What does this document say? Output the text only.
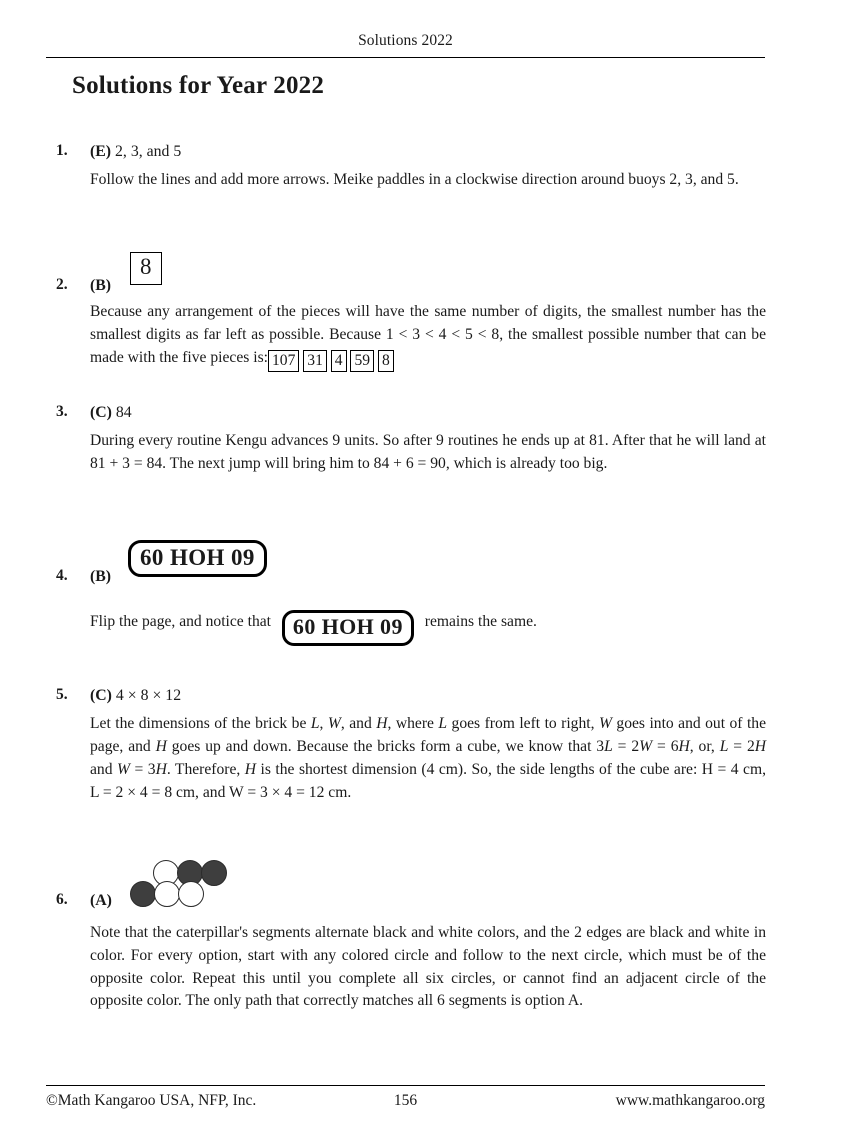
Solutions 2022
Solutions for Year 2022
1.	(E) 2, 3, and 5
Follow the lines and add more arrows. Meike paddles in a clockwise direction around buoys 2, 3, and 5.
2.	(B)
8
Because any arrangement of the pieces will have the same number of digits, the smallest number has the smallest digits as far left as possible. Because 1 < 3 < 4 < 5 < 8, the smallest possible number that can be made with the five pieces is: 107 31 4 59 8
3.	(C) 84
During every routine Kengu advances 9 units. So after 9 routines he ends up at 81. After that he will land at 81 + 3 = 84. The next jump will bring him to 84 + 6 = 90, which is already too big.
4.	(B)
60 HOH 09
Flip the page, and notice that 60 HOH 09 remains the same.
5.	(C) 4 × 8 × 12
Let the dimensions of the brick be L, W, and H, where L goes from left to right, W goes into and out of the page, and H goes up and down. Because the bricks form a cube, we know that 3L = 2W = 6H, or, L = 2H and W = 3H. Therefore, H is the shortest dimension (4 cm). So, the side lengths of the cube are: H = 4 cm, L = 2 × 4 = 8 cm, and W = 3 × 4 = 12 cm.
6.	(A)
Note that the caterpillar's segments alternate black and white colors, and the 2 edges are black and white in color. For every option, start with any colored circle and follow to the next circle, which must be of the opposite color. Repeat this until you complete all six circles, or cannot find an adjacent circle of the opposite color. The only path that correctly matches all 6 segments is option A.
©Math Kangaroo USA, NFP, Inc.	156	www.mathkangaroo.org
